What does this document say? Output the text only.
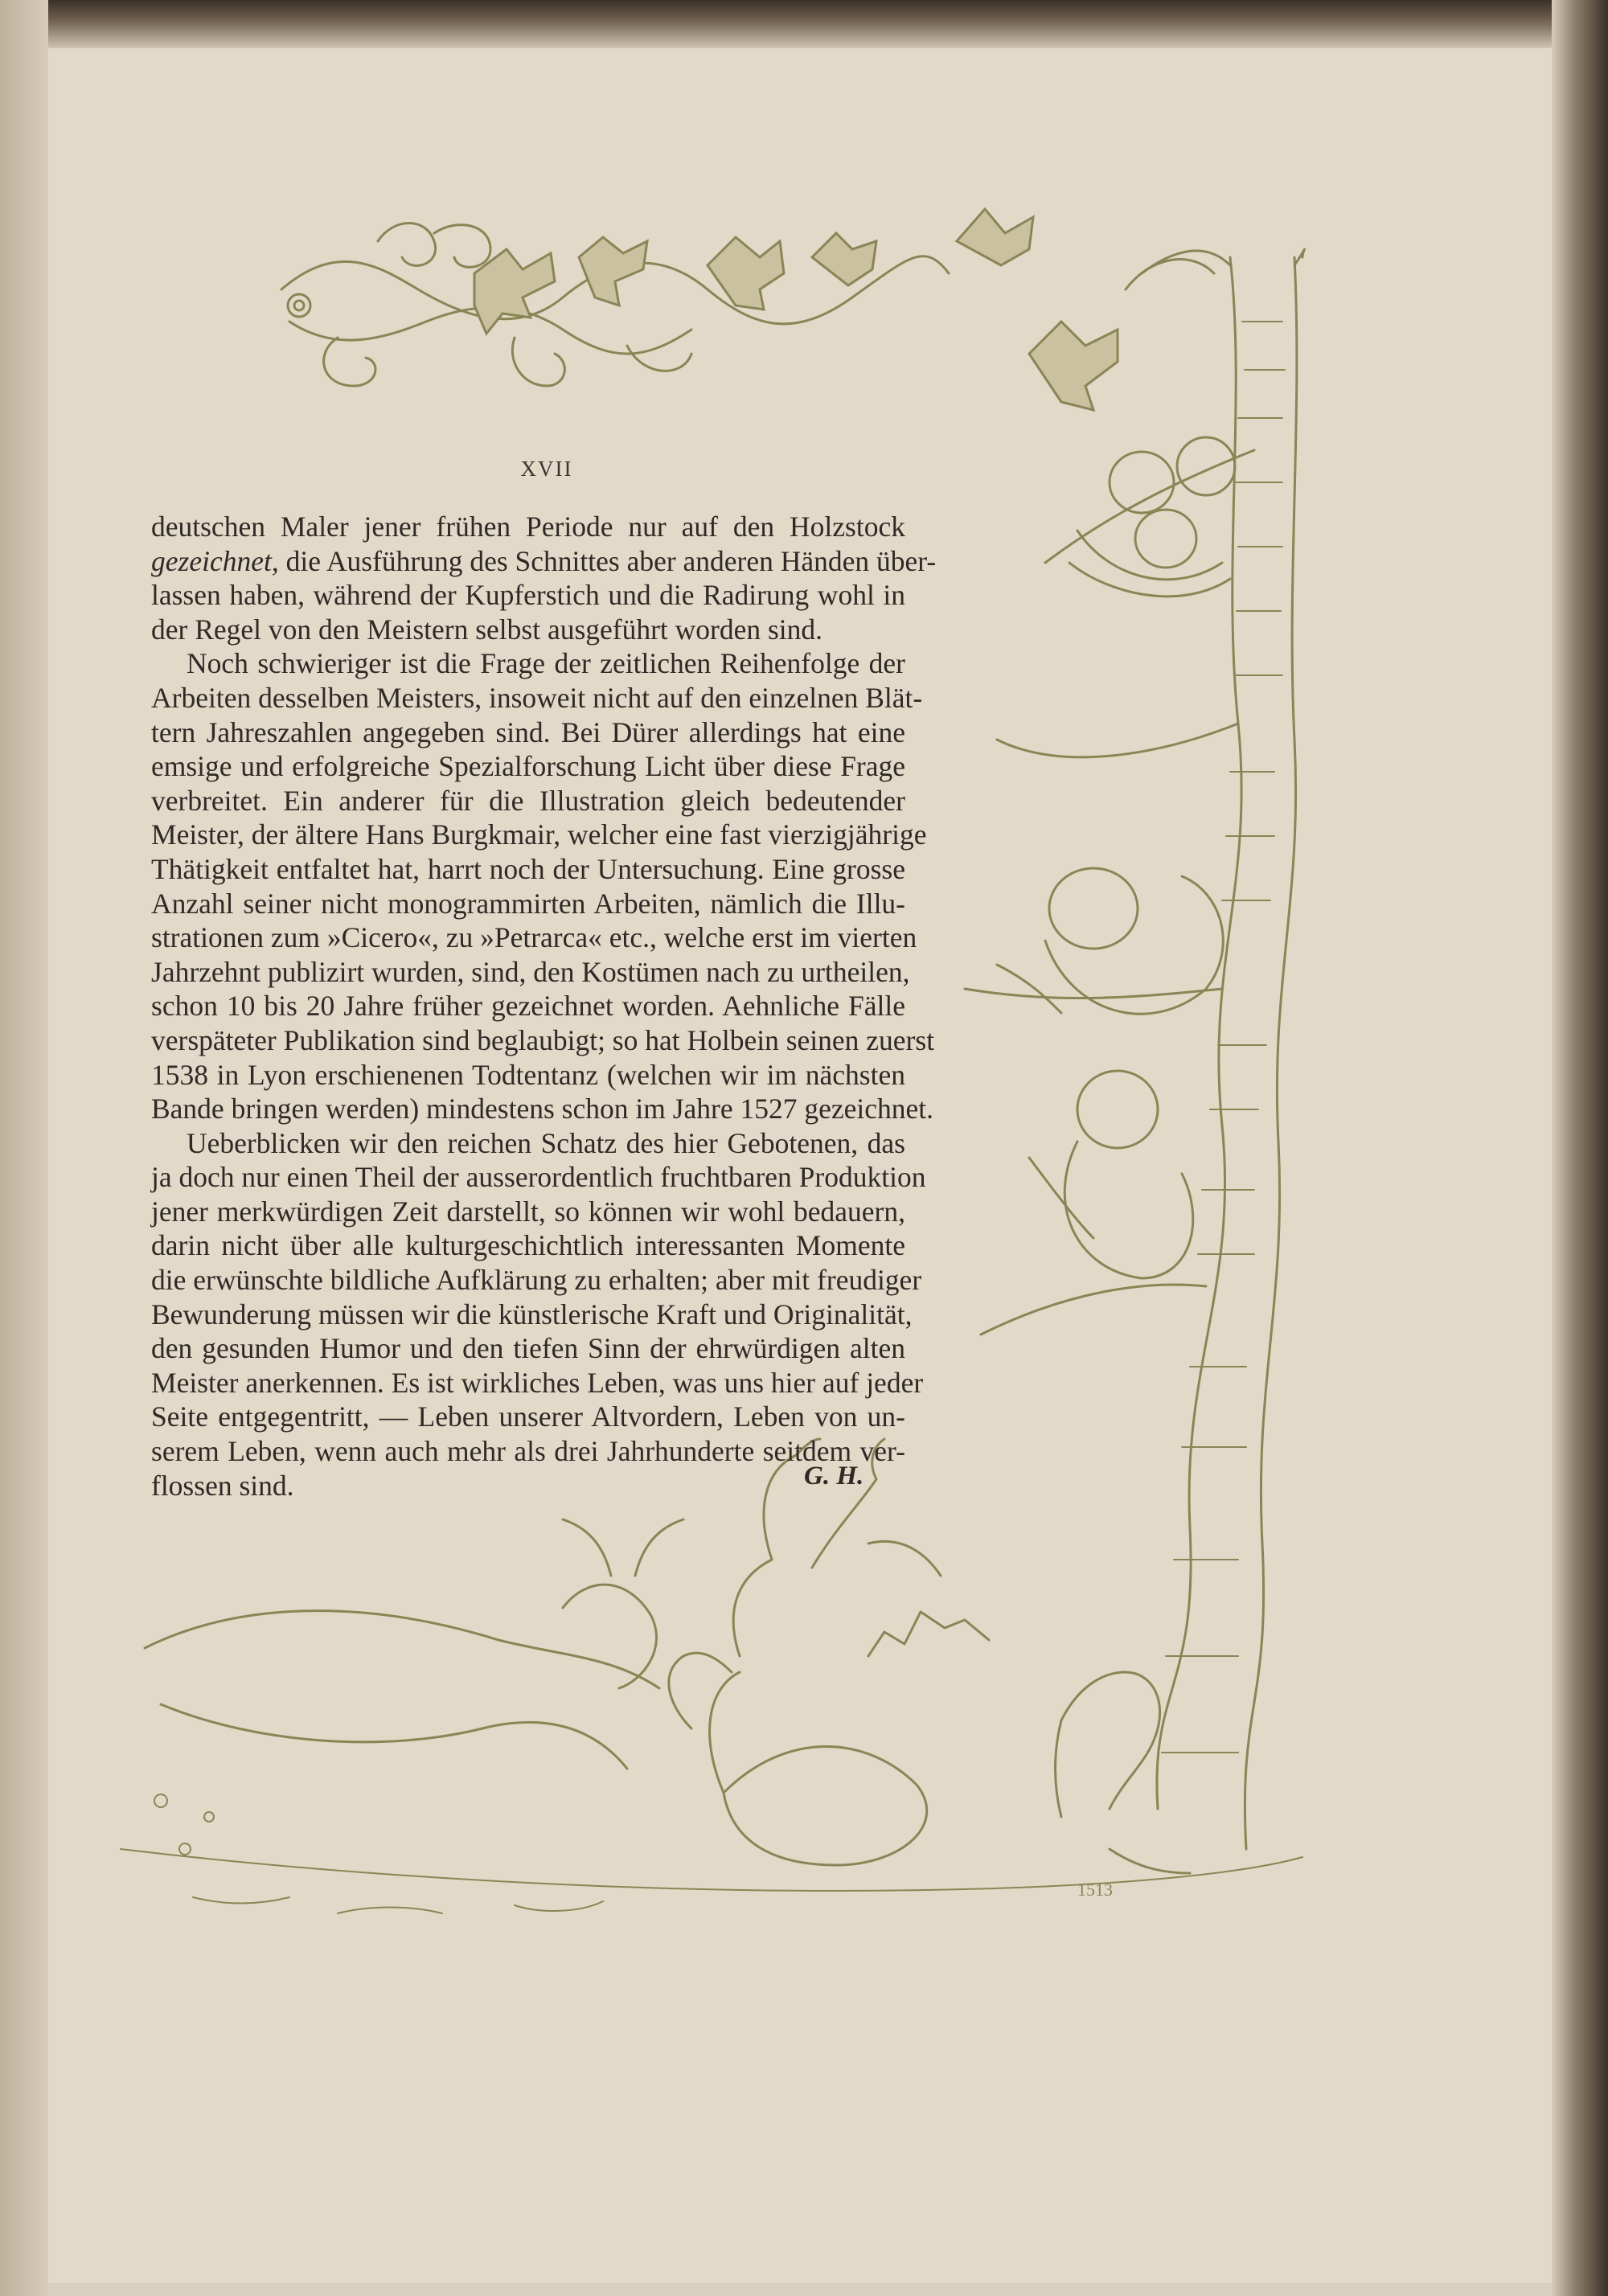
XVII
deutschen Maler jener frühen Periode nur auf den Holzstock
gezeichnet, die Ausführung des Schnittes aber anderen Händen über-
lassen haben, während der Kupferstich und die Radirung wohl in
der Regel von den Meistern selbst ausgeführt worden sind.
Noch schwieriger ist die Frage der zeitlichen Reihenfolge der
Arbeiten desselben Meisters, insoweit nicht auf den einzelnen Blät-
tern Jahreszahlen angegeben sind. Bei Dürer allerdings hat eine
emsige und erfolgreiche Spezialforschung Licht über diese Frage
verbreitet. Ein anderer für die Illustration gleich bedeutender
Meister, der ältere Hans Burgkmair, welcher eine fast vierzigjährige
Thätigkeit entfaltet hat, harrt noch der Untersuchung. Eine grosse
Anzahl seiner nicht monogrammirten Arbeiten, nämlich die Illu-
strationen zum »Cicero«, zu »Petrarca« etc., welche erst im vierten
Jahrzehnt publizirt wurden, sind, den Kostümen nach zu urtheilen,
schon 10 bis 20 Jahre früher gezeichnet worden. Aehnliche Fälle
verspäteter Publikation sind beglaubigt; so hat Holbein seinen zuerst
1538 in Lyon erschienenen Todtentanz (welchen wir im nächsten
Bande bringen werden) mindestens schon im Jahre 1527 gezeichnet.
Ueberblicken wir den reichen Schatz des hier Gebotenen, das
ja doch nur einen Theil der ausserordentlich fruchtbaren Produktion
jener merkwürdigen Zeit darstellt, so können wir wohl bedauern,
darin nicht über alle kulturgeschichtlich interessanten Momente
die erwünschte bildliche Aufklärung zu erhalten; aber mit freudiger
Bewunderung müssen wir die künstlerische Kraft und Originalität,
den gesunden Humor und den tiefen Sinn der ehrwürdigen alten
Meister anerkennen. Es ist wirkliches Leben, was uns hier auf jeder
Seite entgegentritt, — Leben unserer Altvordern, Leben von un-
serem Leben, wenn auch mehr als drei Jahrhunderte seitdem ver-
flossen sind.	G. H.
1513
